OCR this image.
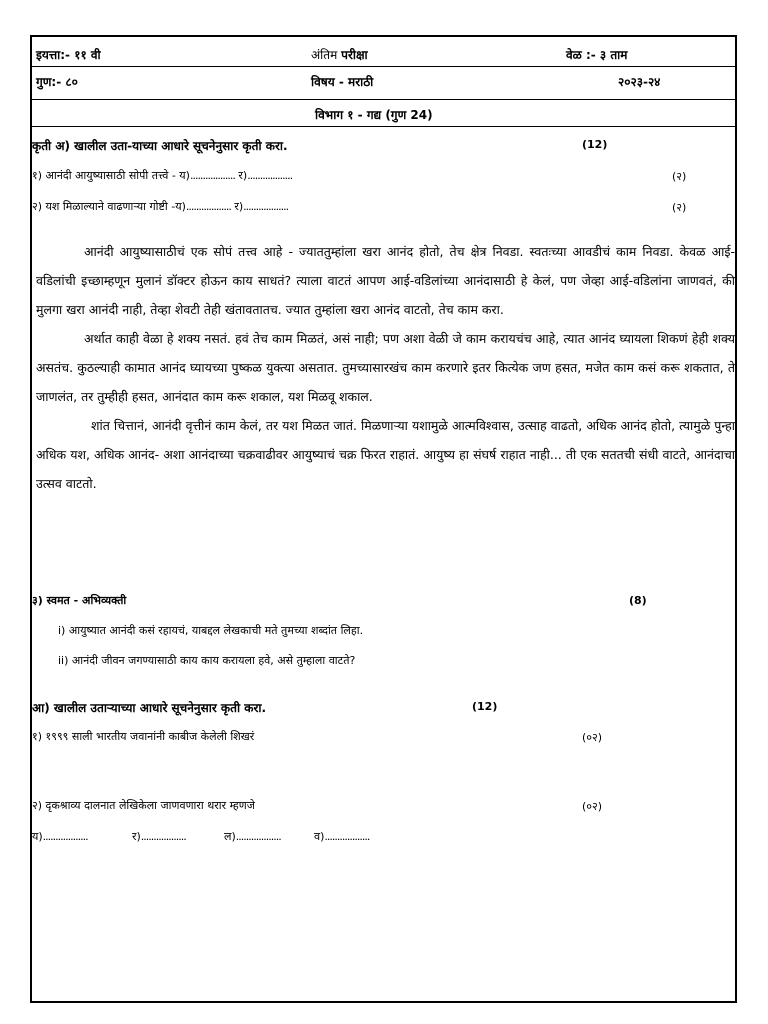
इयत्ता:- ११ वी	अंतिम परीक्षा	वेळ :- ३ ताम
गुण:- ८०	विषय - मराठी	२०२३-२४
विभाग १ - गद्य (गुण 24)
कृती अ) खालील उता-याच्या आधारे सूचनेनुसार कृती करा.	(12)
१) आनंदी आयुष्यासाठी सोपी तत्त्वे - य).................. र)..................	(२)
२) यश मिळाल्याने वाढणाऱ्या गोष्टी -य).................. र)..................	(२)

आनंदी आयुष्यासाठीचं एक सोपं तत्त्व आहे - ज्याततुम्हांला खरा आनंद होतो, तेच क्षेत्र निवडा. स्वतःच्या आवडीचं काम निवडा. केवळ आई-वडिलांची इच्छाम्हणून मुलानं डॉक्टर होऊन काय साधतं? त्याला वाटतं आपण आई-वडिलांच्या आनंदासाठी हे केलं, पण जेव्हा आई-वडिलांना जाणवतं, की मुलगा खरा आनंदी नाही, तेव्हा शेवटी तेही खंतावतातच. ज्यात तुम्हांला खरा आनंद वाटतो, तेच काम करा.

अर्थात काही वेळा हे शक्य नसतं. हवं तेच काम मिळतं, असं नाही; पण अशा वेळी जे काम करायचंच आहे, त्यात आनंद घ्यायला शिकणं हेही शक्य असतंच. कुठल्याही कामात आनंद घ्यायच्या पुष्कळ युक्त्या असतात. तुमच्यासारखंच काम करणारे इतर कित्येक जण हसत, मजेत काम कसं करू शकतात, ते जाणलंत, तर तुम्हीही हसत, आनंदात काम करू शकाल, यश मिळवू शकाल.

शांत चित्तानं, आनंदी वृत्तीनं काम केलं, तर यश मिळत जातं. मिळणाऱ्या यशामुळे आत्मविश्वास, उत्साह वाढतो, अधिक आनंद होतो, त्यामुळे पुन्हा अधिक यश, अधिक आनंद- अशा आनंदाच्या चक्रवाढीवर आयुष्याचं चक्र फिरत राहातं. आयुष्य हा संघर्ष राहात नाही... ती एक सततची संधी वाटते, आनंदाचा उत्सव वाटतो.

३) स्वमत - अभिव्यक्ती	(8)
i) आयुष्यात आनंदी कसं रहायचं, याबद्दल लेखकाची मते तुमच्या शब्दांत लिहा.
ii) आनंदी जीवन जगण्यासाठी काय काय करायला हवे, असे तुम्हाला वाटते?
आ) खालील उताऱ्याच्या आधारे सूचनेनुसार कृती करा.	(12)
१) १९९९ साली भारतीय जवानांनी काबीज केलेली शिखरं	(०२)
२) दृकश्राव्य दालनात लेखिकेला जाणवणारा थरार म्हणजे	(०२)
य)..................	र)..................	ल)..................	व)..................
